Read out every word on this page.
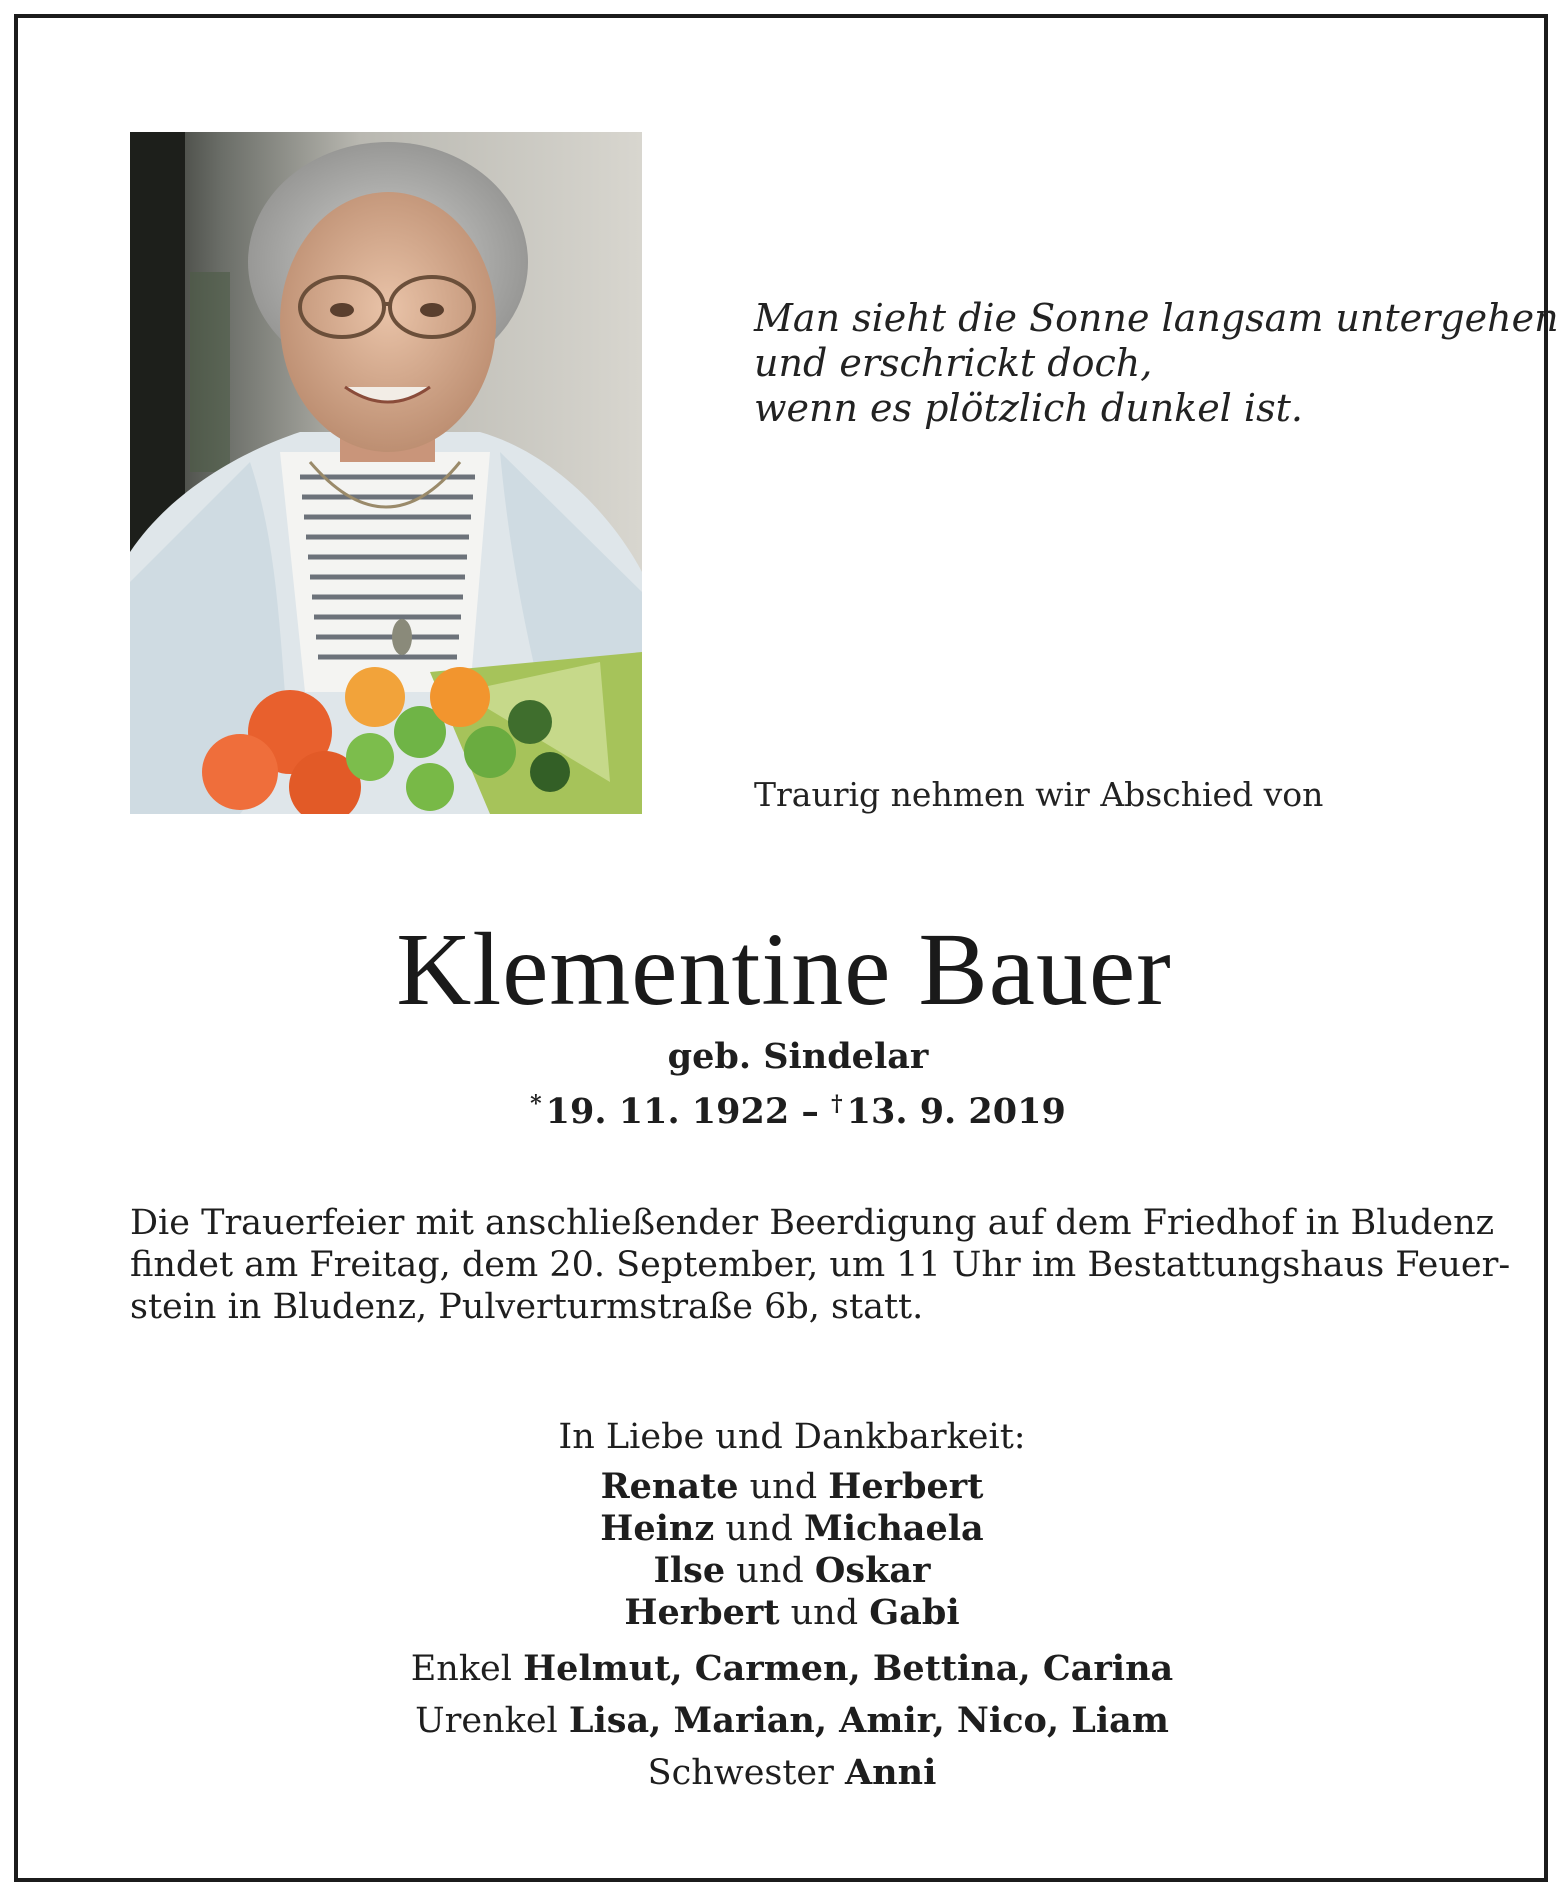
Man sieht die Sonne langsam untergehen
und erschrickt doch,
wenn es plötzlich dunkel ist.
Traurig nehmen wir Abschied von
Klementine Bauer
geb. Sindelar
* 19. 11. 1922 – † 13. 9. 2019
Die Trauerfeier mit anschließender Beerdigung auf dem Friedhof in Bludenz
findet am Freitag, dem 20. September, um 11 Uhr im Bestattungshaus Feuer-
stein in Bludenz, Pulverturmstraße 6b, statt.
In Liebe und Dankbarkeit:
Renate und Herbert
Heinz und Michaela
Ilse und Oskar
Herbert und Gabi
Enkel Helmut, Carmen, Bettina, Carina
Urenkel Lisa, Marian, Amir, Nico, Liam
Schwester Anni
